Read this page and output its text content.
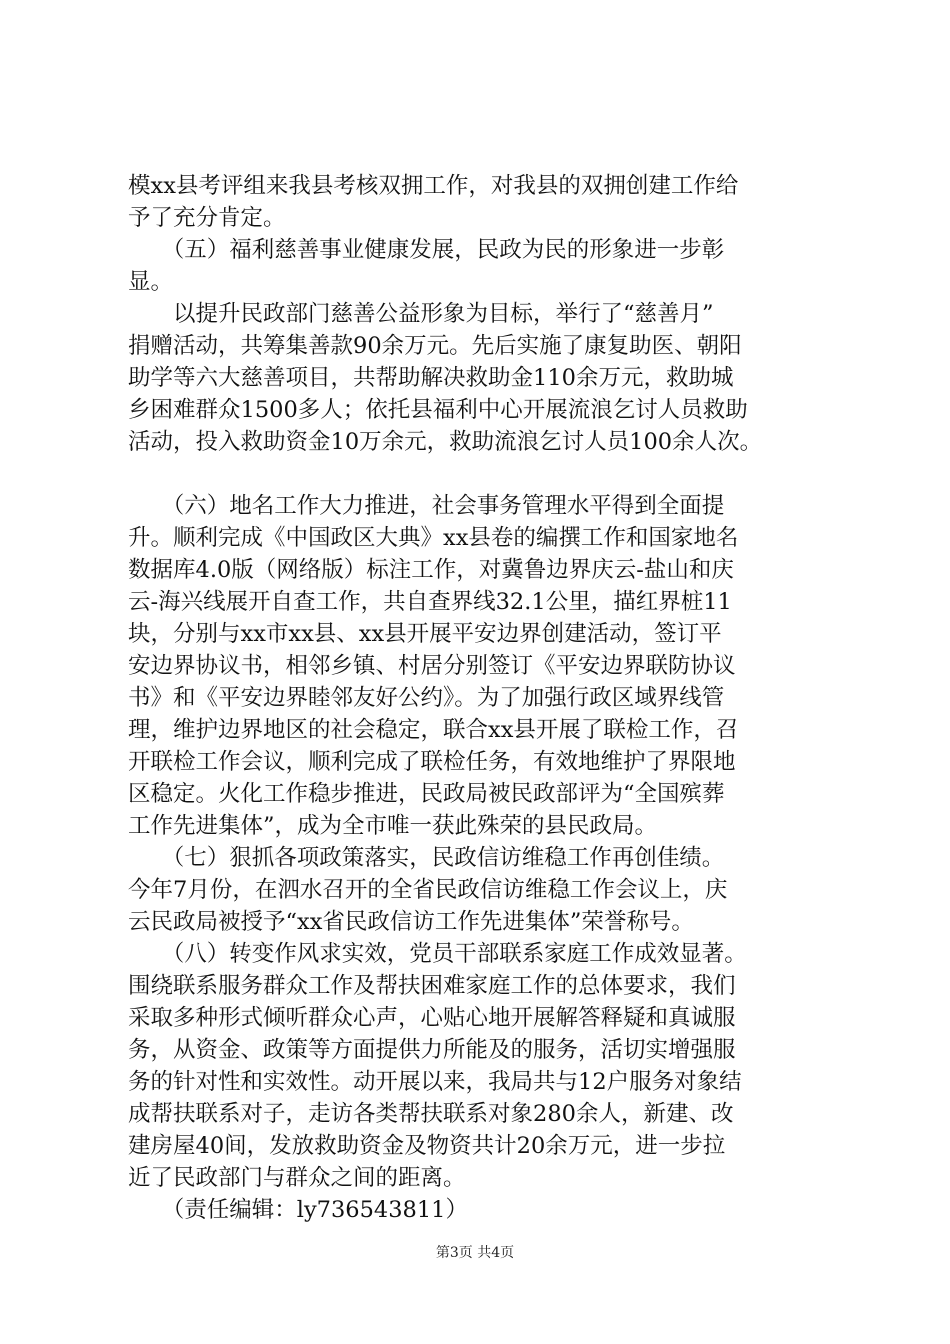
模xx县考评组来我县考核双拥工作，对我县的双拥创建工作给
予了充分肯定。
　　（五）福利慈善事业健康发展，民政为民的形象进一步彰
显。
　　以提升民政部门慈善公益形象为目标，举行了“慈善月”
捐赠活动，共筹集善款90余万元。先后实施了康复助医、朝阳
助学等六大慈善项目，共帮助解决救助金110余万元，救助城
乡困难群众1500多人；依托县福利中心开展流浪乞讨人员救助
活动，投入救助资金10万余元，救助流浪乞讨人员100余人次。
　　（六）地名工作大力推进，社会事务管理水平得到全面提
升。顺利完成《中国政区大典》xx县卷的编撰工作和国家地名
数据库4.0版（网络版）标注工作，对冀鲁边界庆云-盐山和庆
云-海兴线展开自查工作，共自查界线32.1公里，描红界桩11
块，分别与xx市xx县、xx县开展平安边界创建活动，签订平
安边界协议书，相邻乡镇、村居分别签订《平安边界联防协议
书》和《平安边界睦邻友好公约》。为了加强行政区域界线管
理，维护边界地区的社会稳定，联合xx县开展了联检工作，召
开联检工作会议，顺利完成了联检任务，有效地维护了界限地
区稳定。火化工作稳步推进，民政局被民政部评为“全国殡葬
工作先进集体”，成为全市唯一获此殊荣的县民政局。
　　（七）狠抓各项政策落实，民政信访维稳工作再创佳绩。
今年7月份，在泗水召开的全省民政信访维稳工作会议上，庆
云民政局被授予“xx省民政信访工作先进集体”荣誉称号。
　　（八）转变作风求实效，党员干部联系家庭工作成效显著。
围绕联系服务群众工作及帮扶困难家庭工作的总体要求，我们
采取多种形式倾听群众心声，心贴心地开展解答释疑和真诚服
务，从资金、政策等方面提供力所能及的服务，活切实增强服
务的针对性和实效性。动开展以来，我局共与12户服务对象结
成帮扶联系对子，走访各类帮扶联系对象280余人，新建、改
建房屋40间，发放救助资金及物资共计20余万元，进一步拉
近了民政部门与群众之间的距离。
　　（责任编辑：ly736543811）
第3页 共4页
